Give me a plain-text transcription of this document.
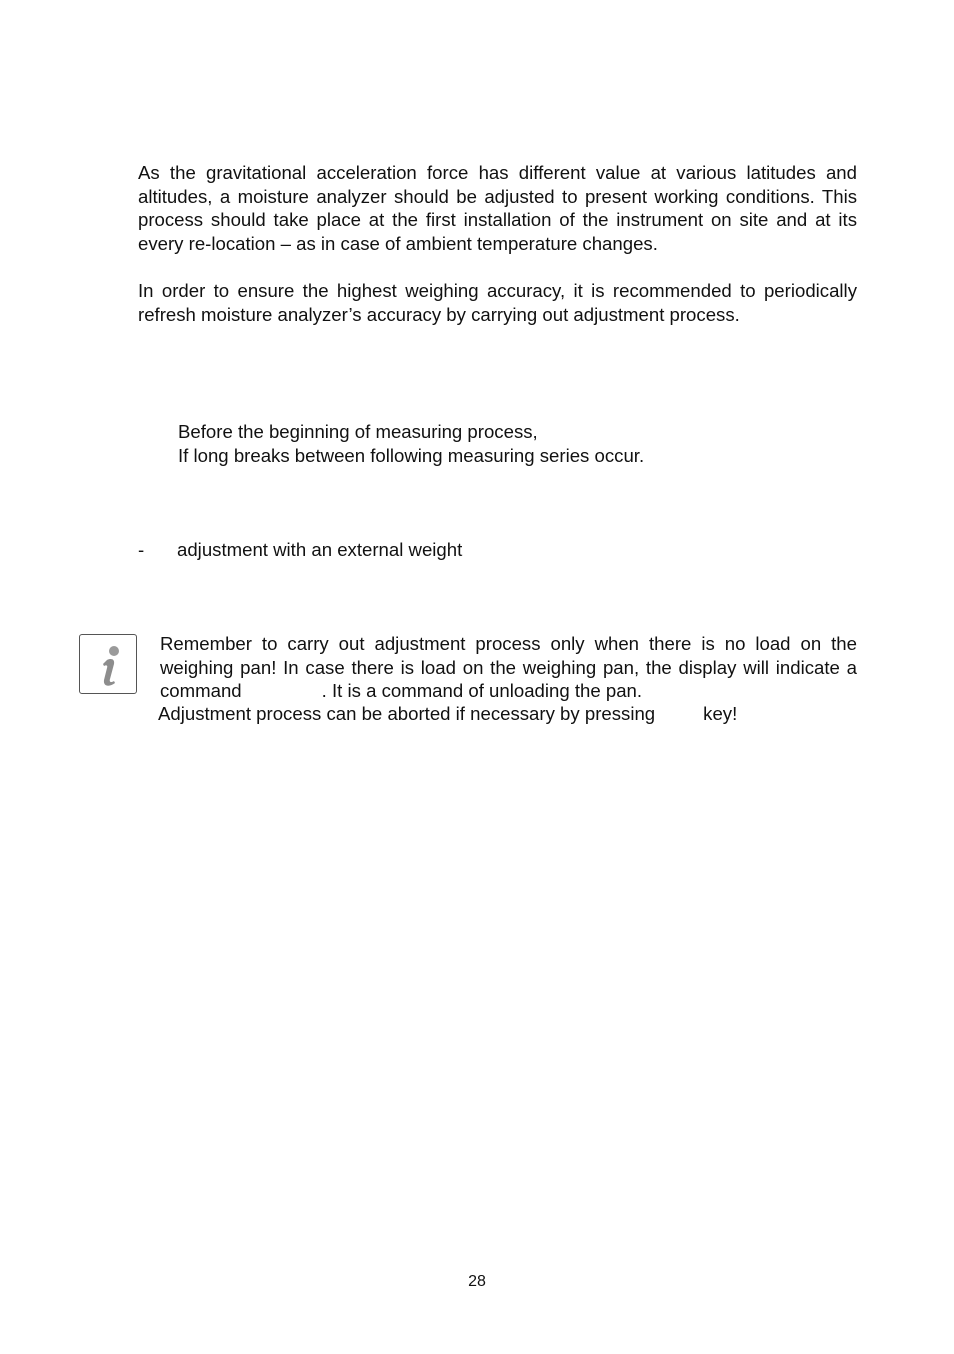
As the gravitational acceleration force has different value at various latitudes and altitudes, a moisture analyzer should be adjusted to present working conditions. This process should take place at the first installation of the instrument on site and at its every re-location – as in case of ambient temperature changes.

In order to ensure the highest weighing accuracy, it is recommended to periodically refresh moisture analyzer’s accuracy by carrying out adjustment process.

Before the beginning of measuring process,

If long breaks between following measuring series occur.

- adjustment with an external weight

Remember to carry out adjustment process only when there is no load on the weighing pan! In case there is load on the weighing pan, the display will indicate a command	. It is a command of unloading the pan.

Adjustment process can be aborted if necessary by pressing	key!
28
